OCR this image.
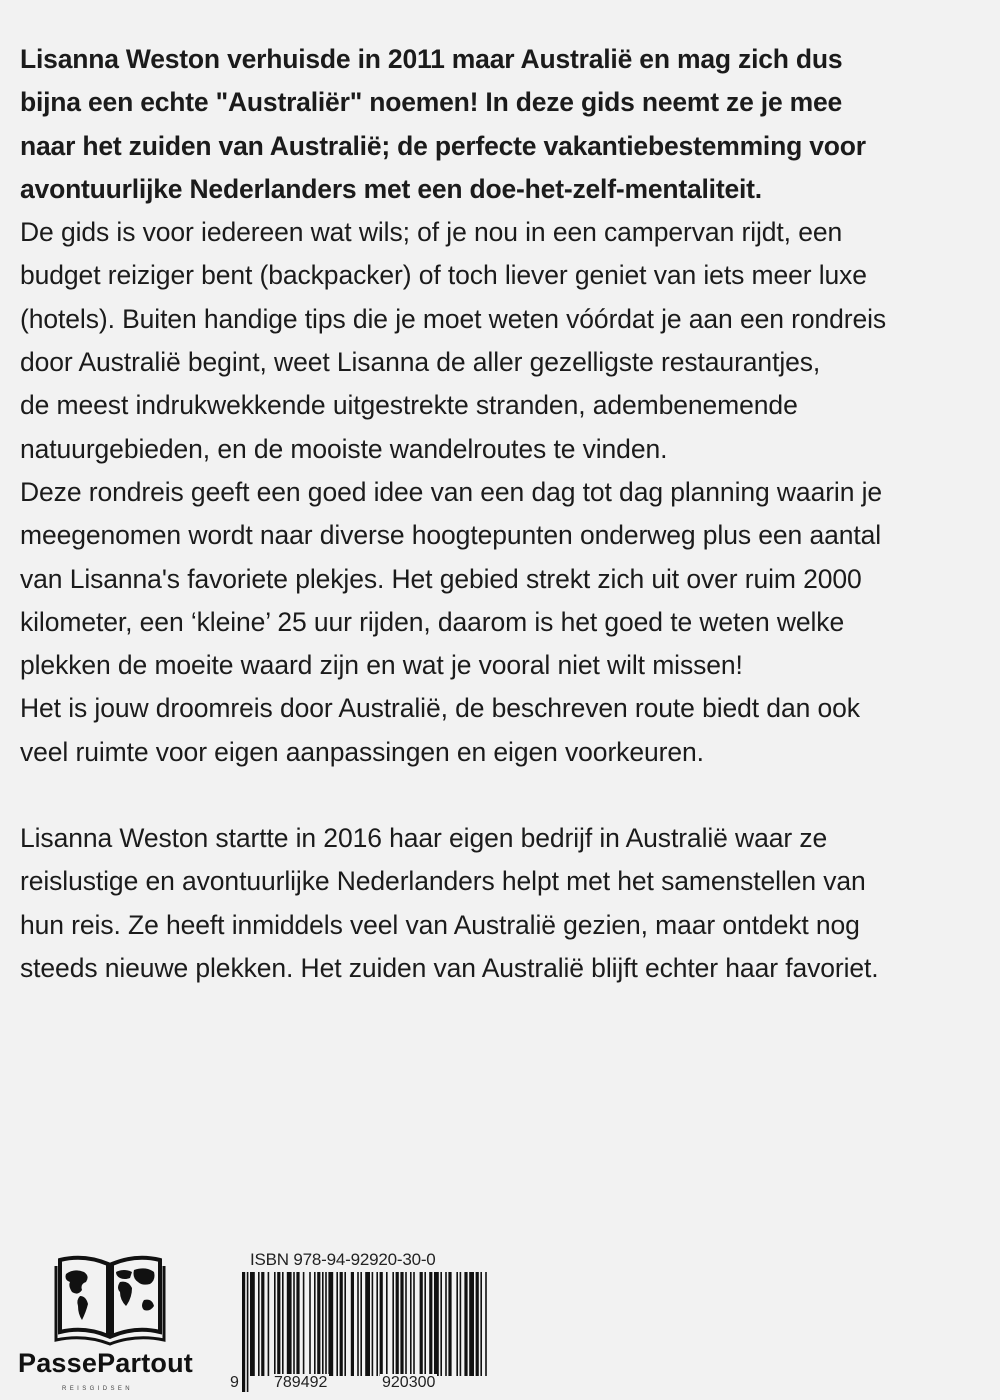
Lisanna Weston verhuisde in 2011 maar Australië en mag zich dus

bijna een echte "Australiër" noemen! In deze gids neemt ze je mee

naar het zuiden van Australië; de perfecte vakantiebestemming voor

avontuurlijke Nederlanders met een doe-het-zelf-mentaliteit.

De gids is voor iedereen wat wils; of je nou in een campervan rijdt, een

budget reiziger bent (backpacker) of toch liever geniet van iets meer luxe

(hotels). Buiten handige tips die je moet weten vóórdat je aan een rondreis

door Australië begint, weet Lisanna de aller gezelligste restaurantjes,

de meest indrukwekkende uitgestrekte stranden, adembenemende

natuurgebieden, en de mooiste wandelroutes te vinden.

Deze rondreis geeft een goed idee van een dag tot dag planning waarin je

meegenomen wordt naar diverse hoogtepunten onderweg plus een aantal

van Lisanna's favoriete plekjes. Het gebied strekt zich uit over ruim 2000

kilometer, een ‘kleine’ 25 uur rijden, daarom is het goed te weten welke

plekken de moeite waard zijn en wat je vooral niet wilt missen!

Het is jouw droomreis door Australië, de beschreven route biedt dan ook

veel ruimte voor eigen aanpassingen en eigen voorkeuren.

Lisanna Weston startte in 2016 haar eigen bedrijf in Australië waar ze

reislustige en avontuurlijke Nederlanders helpt met het samenstellen van

hun reis. Ze heeft inmiddels veel van Australië gezien, maar ontdekt nog

steeds nieuwe plekken. Het zuiden van Australië blijft echter haar favoriet.

PassePartout
REISGIDSEN
ISBN 978-94-92920-30-0
9 789492	920300
